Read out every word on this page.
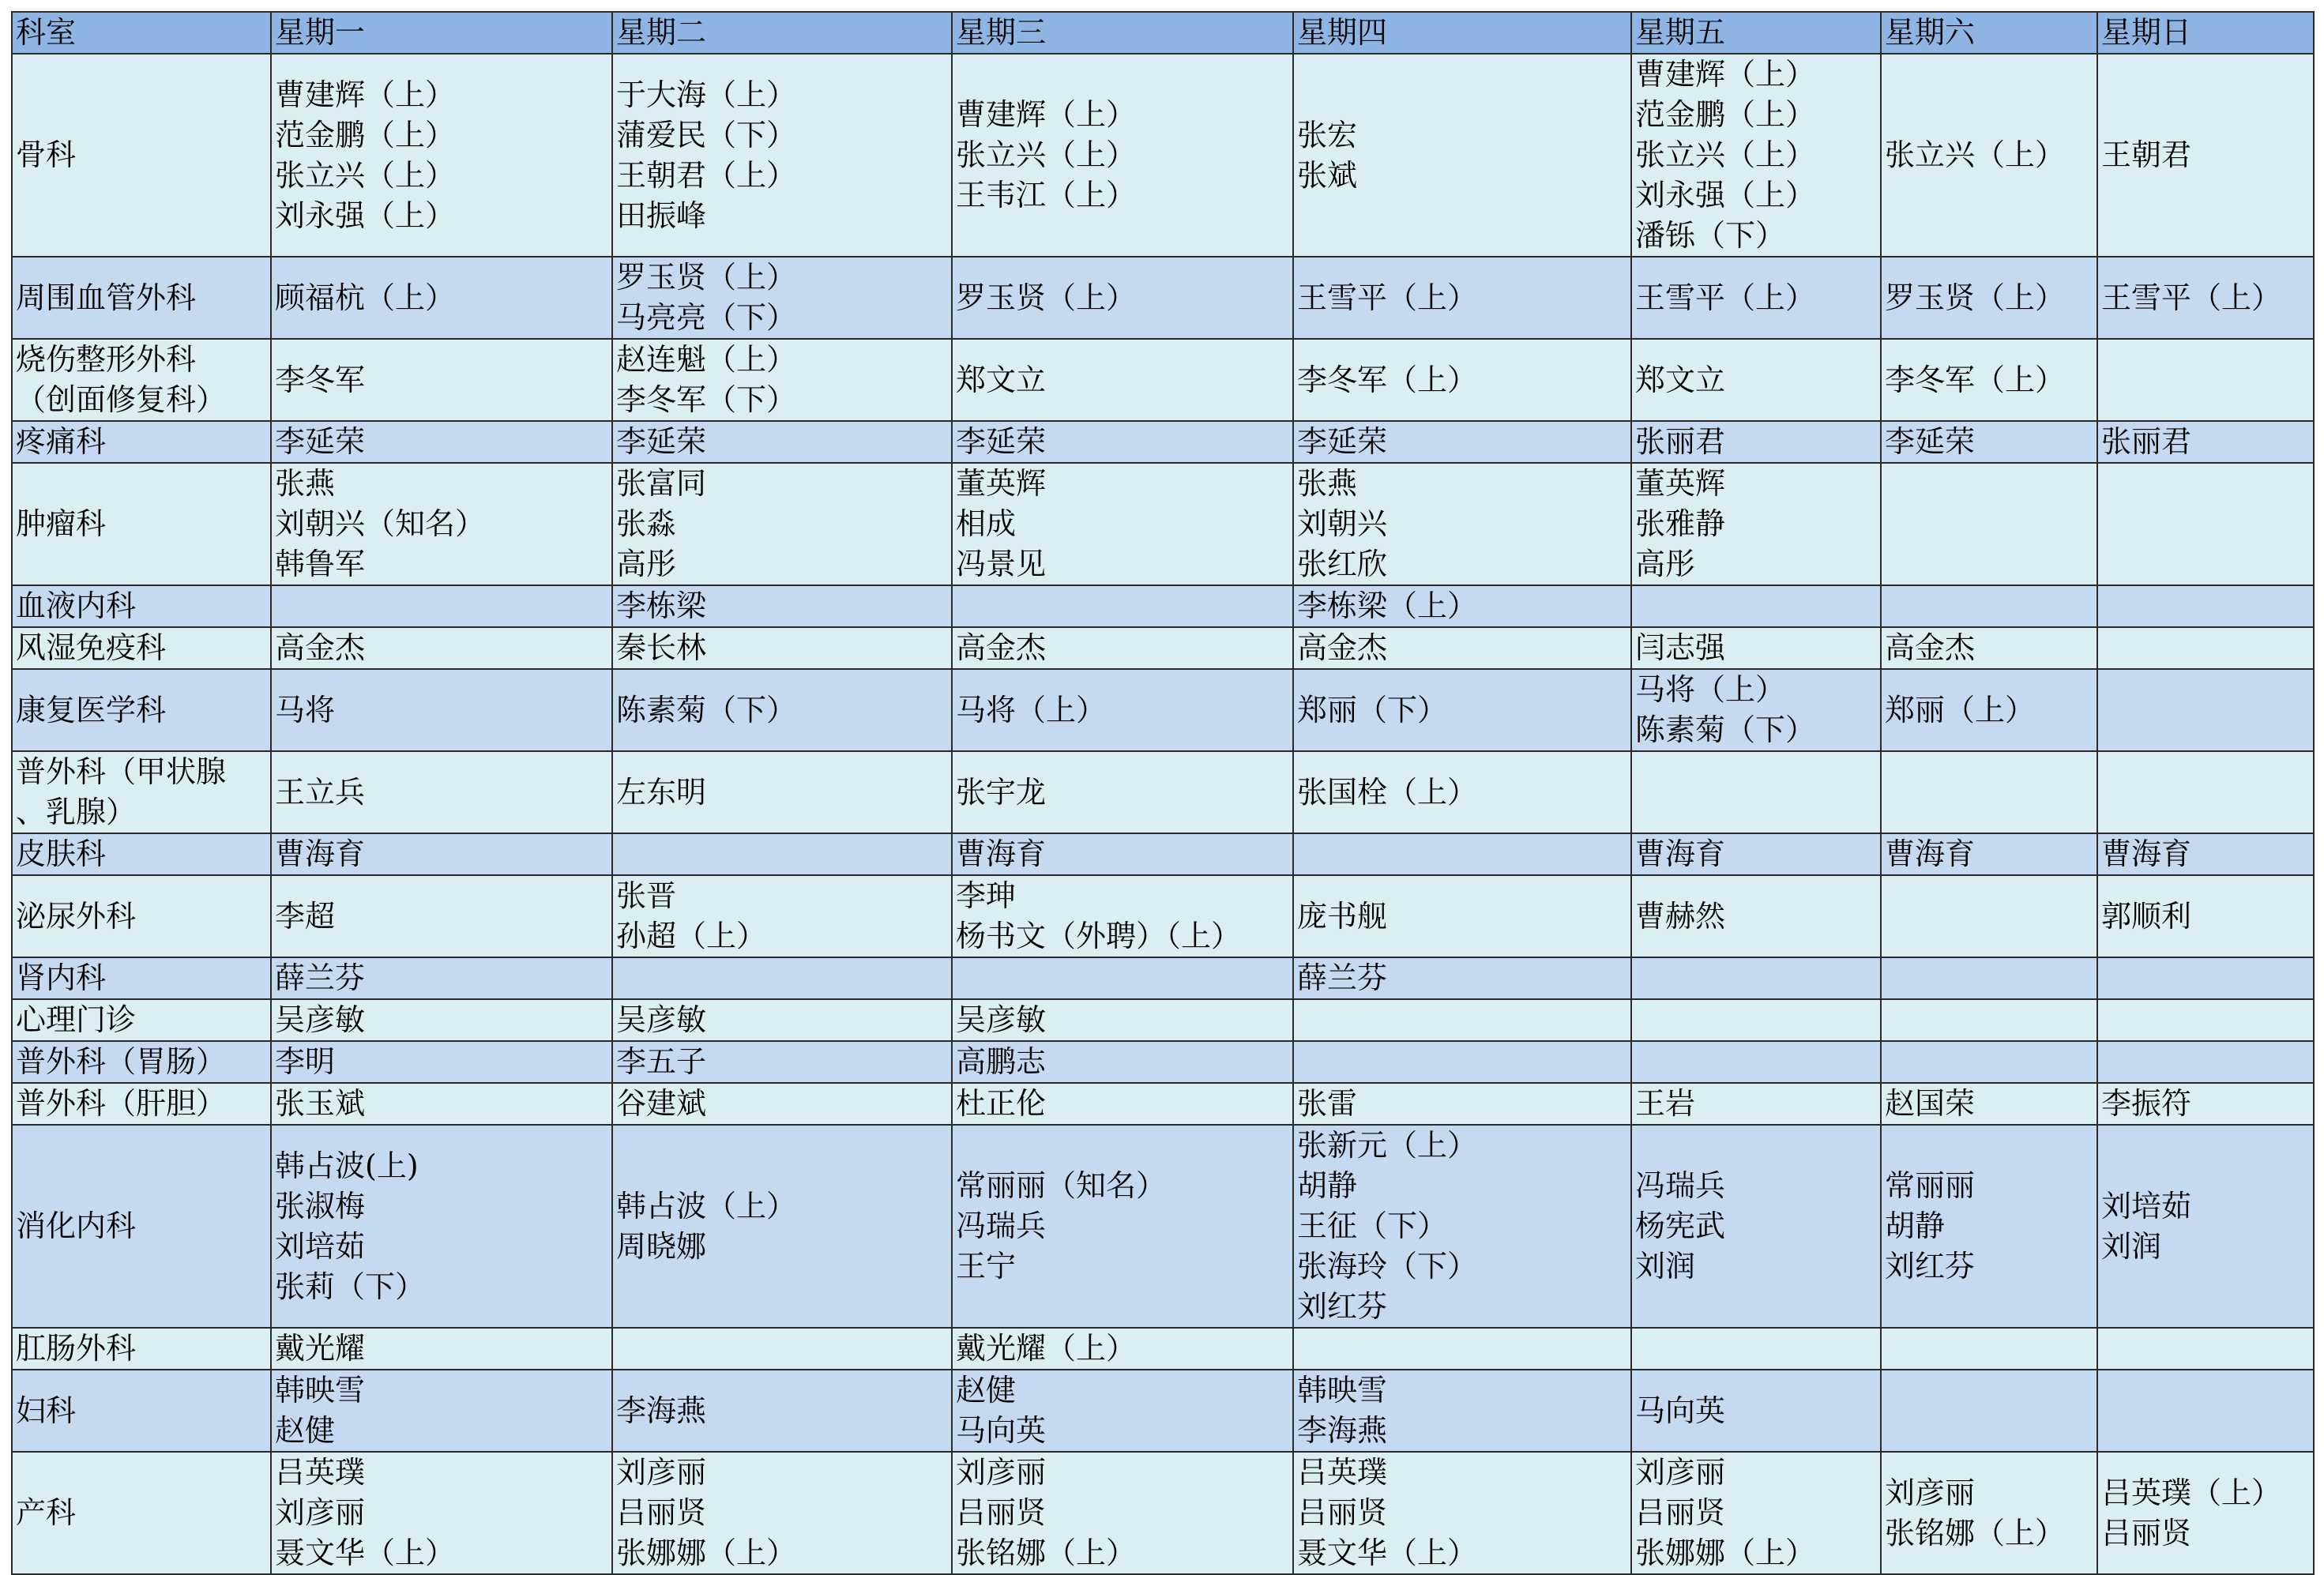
科室	星期一	星期二	星期三	星期四	星期五	星期六	星期日

骨科	曹建辉（上）
范金鹏（上）
张立兴（上）
刘永强（上）	于大海（上）
蒲爱民（下）
王朝君（上）
田振峰	曹建辉（上）
张立兴（上）
王韦江（上）	张宏
张斌	曹建辉（上）
范金鹏（上）
张立兴（上）
刘永强（上）
潘铄（下）	张立兴（上）	王朝君

周围血管外科	顾福杭（上）	罗玉贤（上）
马亮亮（下）	罗玉贤（上）	王雪平（上）	王雪平（上）	罗玉贤（上）	王雪平（上）

烧伤整形外科
（创面修复科）	李冬军	赵连魁（上）
李冬军（下）	郑文立	李冬军（上）	郑文立	李冬军（上）	

疼痛科	李延荣	李延荣	李延荣	李延荣	张丽君	李延荣	张丽君

肿瘤科	张燕
刘朝兴（知名）
韩鲁军	张富同
张淼
高彤	董英辉
相成
冯景见	张燕
刘朝兴
张红欣	董英辉
张雅静
高彤		

血液内科		李栋梁		李栋梁（上）			

风湿免疫科	高金杰	秦长林	高金杰	高金杰	闫志强	高金杰	

康复医学科	马将	陈素菊（下）	马将（上）	郑丽（下）	马将（上）
陈素菊（下）	郑丽（上）	

普外科（甲状腺
、乳腺）	王立兵	左东明	张宇龙	张国栓（上）			

皮肤科	曹海育		曹海育		曹海育	曹海育	曹海育

泌尿外科	李超	张晋
孙超（上）	李珅
杨书文（外聘）（上）	庞书舰	曹赫然		郭顺利

肾内科	薛兰芬			薛兰芬			

心理门诊	吴彦敏	吴彦敏	吴彦敏				

普外科（胃肠）	李明	李五子	高鹏志				

普外科（肝胆）	张玉斌	谷建斌	杜正伦	张雷	王岩	赵国荣	李振符

消化内科	韩占波(上)
张淑梅
刘培茹
张莉（下）	韩占波（上）
周晓娜	常丽丽（知名）
冯瑞兵
王宁	张新元（上）
胡静
王征（下）
张海玲（下）
刘红芬	冯瑞兵
杨宪武
刘润	常丽丽
胡静
刘红芬	刘培茹
刘润

肛肠外科	戴光耀		戴光耀（上）				

妇科	韩映雪
赵健	李海燕	赵健
马向英	韩映雪
李海燕	马向英		

产科	吕英璞
刘彦丽
聂文华（上）	刘彦丽
吕丽贤
张娜娜（上）	刘彦丽
吕丽贤
张铭娜（上）	吕英璞
吕丽贤
聂文华（上）	刘彦丽
吕丽贤
张娜娜（上）	刘彦丽
张铭娜（上）	吕英璞（上）
吕丽贤
